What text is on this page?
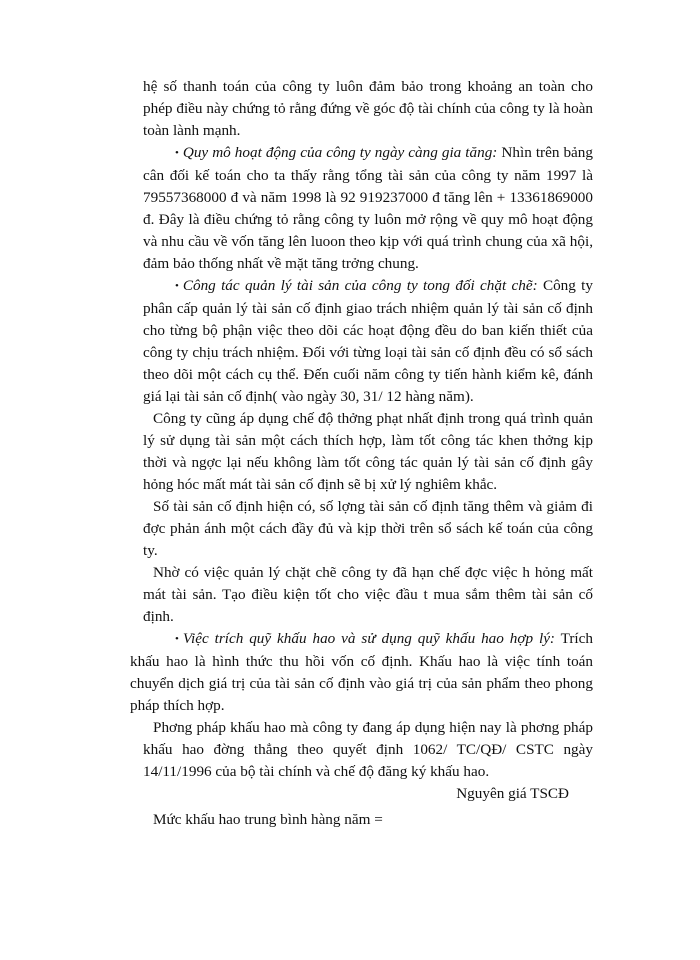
hệ số thanh toán của công ty luôn đảm bảo trong khoảng an toàn cho phép điều này chứng tỏ rằng đứng về góc độ tài chính của công ty là hoàn toàn lành mạnh.

• Quy mô hoạt động của công ty ngày càng gia tăng: Nhìn trên bảng cân đối kế toán cho ta thấy rằng tổng tài sản của công ty năm 1997 là 79557368000 đ và năm 1998 là 92 919237000 đ tăng lên + 13361869000 đ. Đây là điều chứng tỏ rằng công ty luôn mở rộng về quy mô hoạt động và nhu cầu về vốn tăng lên luoon theo kịp với quá trình chung của xã hội, đảm bảo thống nhất về mặt tăng trởng chung.

• Công tác quản lý tài sản của công ty tong đối chặt chẽ: Công ty phân cấp quản lý tài sản cố định giao trách nhiệm quản lý tài sản cố định cho từng bộ phận việc theo dõi các hoạt động đều do ban kiến thiết của công ty chịu trách nhiệm. Đối với từng loại tài sản cố định đều có sổ sách theo dõi một cách cụ thể. Đến cuối năm công ty tiến hành kiểm kê, đánh giá lại tài sản cố định( vào ngày 30, 31/ 12 hàng năm).

Công ty cũng áp dụng chế độ thởng phạt nhất định trong quá trình quản lý sử dụng tài sản một cách thích hợp, làm tốt công tác khen thởng kịp thời và ngợc lại nếu không làm tốt công tác quản lý tài sản cố định gây hỏng hóc mất mát tài sản cố định sẽ bị xử lý nghiêm khắc.

Số tài sản cố định hiện có, số lợng tài sản cố định tăng thêm và giảm đi đợc phản ánh một cách đầy đủ và kịp thời trên sổ sách kế toán của công ty.

Nhờ có việc quản lý chặt chẽ công ty đã hạn chế đợc việc h hỏng mất mát tài sản. Tạo điều kiện tốt cho việc đầu t mua sắm thêm tài sản cố định.

• Việc trích quỹ khấu hao và sử dụng quỹ khấu hao hợp lý: Trích khấu hao là hình thức thu hồi vốn cố định. Khấu hao là việc tính toán chuyển dịch giá trị của tài sản cố định vào giá trị của sản phẩm theo phong pháp thích hợp.

Phơng pháp khấu hao mà công ty đang áp dụng hiện nay là phơng pháp khấu hao đờng thẳng theo quyết định 1062/ TC/QĐ/ CSTC ngày 14/11/1996 của bộ tài chính và chế độ đăng ký khấu hao.

Nguyên giá TSCĐ

Mức khấu hao trung bình hàng năm =
